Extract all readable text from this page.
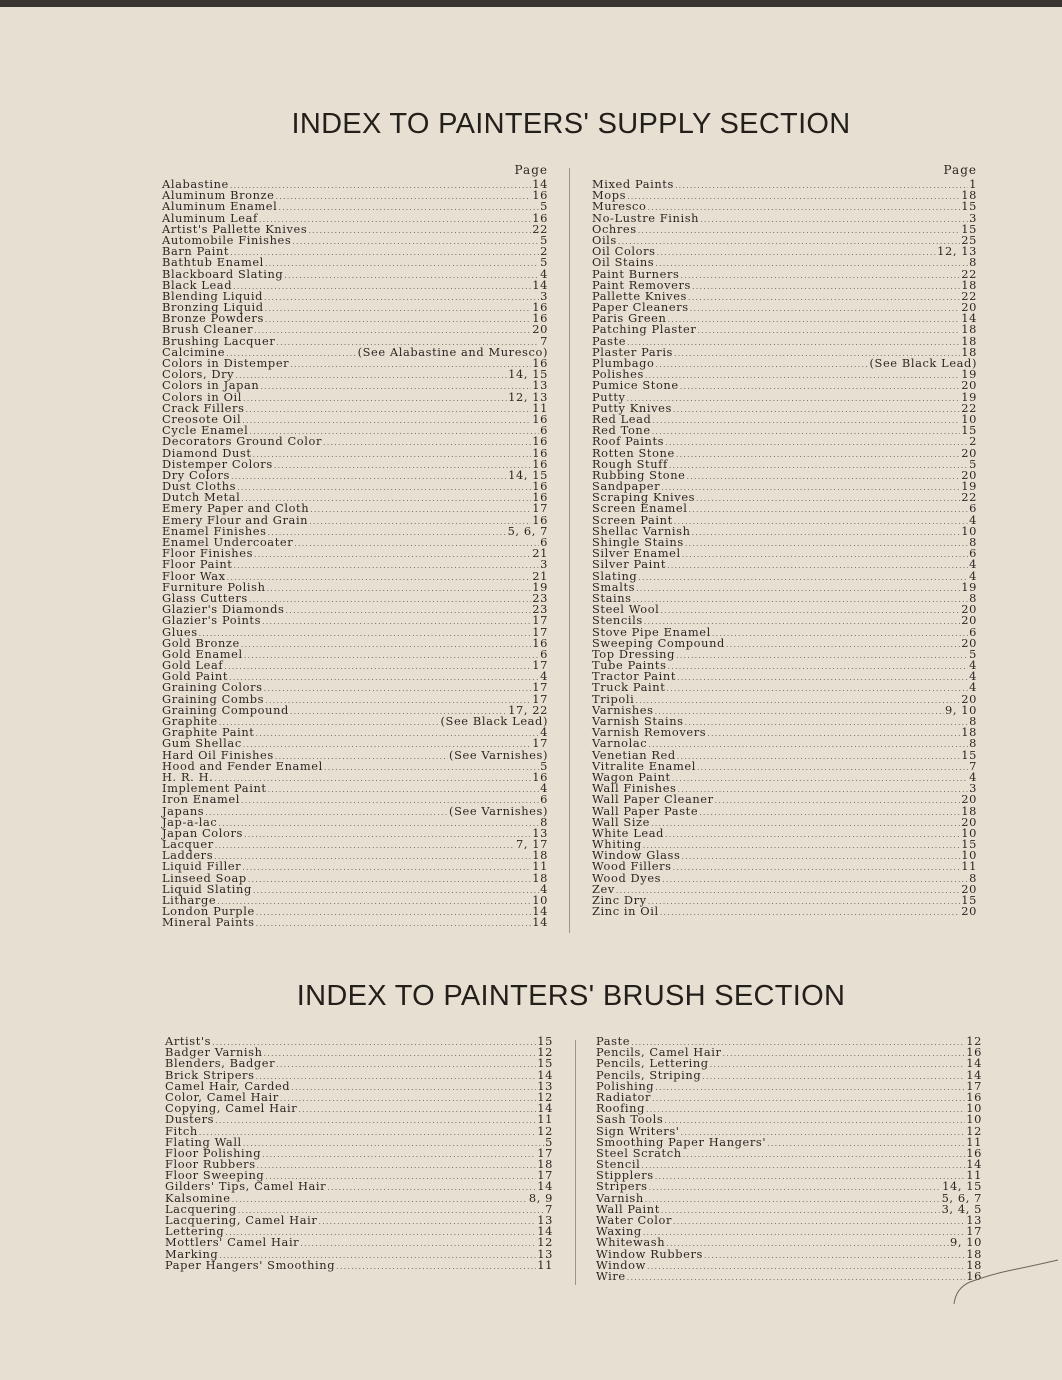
INDEX TO PAINTERS' SUPPLY SECTION
Page
Alabastine .....	14
Aluminum Bronze .....	16
Aluminum Enamel .....	5
Aluminum Leaf .....	16
Artist's Pallette Knives .....	22
Automobile Finishes .....	5
Barn Paint .....	2
Bathtub Enamel .....	5
Blackboard Slating .....	4
Black Lead .....	14
Blending Liquid .....	3
Bronzing Liquid .....	16
Bronze Powders .....	16
Brush Cleaner .....	20
Brushing Lacquer .....	7
Calcimine .....	(See Alabastine and Muresco)
Colors in Distemper .....	16
Colors, Dry .....	14, 15
Colors in Japan .....	13
Colors in Oil .....	12, 13
Crack Fillers .....	11
Creosote Oil .....	16
Cycle Enamel .....	6
Decorators Ground Color .....	16
Diamond Dust .....	16
Distemper Colors .....	16
Dry Colors .....	14, 15
Dust Cloths .....	16
Dutch Metal .....	16
Emery Paper and Cloth .....	17
Emery Flour and Grain .....	16
Enamel Finishes .....	5, 6, 7
Enamel Undercoater .....	6
Floor Finishes .....	21
Floor Paint .....	3
Floor Wax .....	21
Furniture Polish .....	19
Glass Cutters .....	23
Glazier's Diamonds .....	23
Glazier's Points .....	17
Glues .....	17
Gold Bronze .....	16
Gold Enamel .....	6
Gold Leaf .....	17
Gold Paint .....	4
Graining Colors .....	17
Graining Combs .....	17
Graining Compound .....	17, 22
Graphite .....	(See Black Lead)
Graphite Paint .....	4
Gum Shellac .....	17
Hard Oil Finishes .....	(See Varnishes)
Hood and Fender Enamel .....	5
H. R. H. .....	16
Implement Paint .....	4
Iron Enamel .....	6
Japans .....	(See Varnishes)
Jap-a-lac .....	8
Japan Colors .....	13
Lacquer .....	7, 17
Ladders .....	18
Liquid Filler .....	11
Linseed Soap .....	18
Liquid Slating .....	4
Litharge .....	10
London Purple .....	14
Mineral Paints .....	14
Page
Mixed Paints .....	1
Mops .....	18
Muresco .....	15
No-Lustre Finish .....	3
Ochres .....	15
Oils .....	25
Oil Colors .....	12, 13
Oil Stains .....	8
Paint Burners .....	22
Paint Removers .....	18
Pallette Knives .....	22
Paper Cleaners .....	20
Paris Green .....	14
Patching Plaster .....	18
Paste .....	18
Plaster Paris .....	18
Plumbago .....	(See Black Lead)
Polishes .....	19
Pumice Stone .....	20
Putty .....	19
Putty Knives .....	22
Red Lead .....	10
Red Tone .....	15
Roof Paints .....	2
Rotten Stone .....	20
Rough Stuff .....	5
Rubbing Stone .....	20
Sandpaper .....	19
Scraping Knives .....	22
Screen Enamel .....	6
Screen Paint .....	4
Shellac Varnish .....	10
Shingle Stains .....	8
Silver Enamel .....	6
Silver Paint .....	4
Slating .....	4
Smalts .....	19
Stains .....	8
Steel Wool .....	20
Stencils .....	20
Stove Pipe Enamel .....	6
Sweeping Compound .....	20
Top Dressing .....	5
Tube Paints .....	4
Tractor Paint .....	4
Truck Paint .....	4
Tripoli .....	20
Varnishes .....	9, 10
Varnish Stains .....	8
Varnish Removers .....	18
Varnolac .....	8
Venetian Red .....	15
Vitralite Enamel .....	7
Wagon Paint .....	4
Wall Finishes .....	3
Wall Paper Cleaner .....	20
Wall Paper Paste .....	18
Wall Size .....	20
White Lead .....	10
Whiting .....	15
Window Glass .....	10
Wood Fillers .....	11
Wood Dyes .....	8
Zev .....	20
Zinc Dry .....	15
Zinc in Oil .....	20
INDEX TO PAINTERS' BRUSH SECTION
Artist's .....	15
Badger Varnish .....	12
Blenders, Badger .....	15
Brick Stripers .....	14
Camel Hair, Carded .....	13
Color, Camel Hair .....	12
Copying, Camel Hair .....	14
Dusters .....	11
Fitch .....	12
Flating Wall .....	5
Floor Polishing .....	17
Floor Rubbers .....	18
Floor Sweeping .....	17
Gilders' Tips, Camel Hair .....	14
Kalsomine .....	8, 9
Lacquering .....	7
Lacquering, Camel Hair .....	13
Lettering .....	14
Mottlers' Camel Hair .....	12
Marking .....	13
Paper Hangers' Smoothing .....	11
Paste .....	12
Pencils, Camel Hair .....	16
Pencils, Lettering .....	14
Pencils, Striping .....	14
Polishing .....	17
Radiator .....	16
Roofing .....	10
Sash Tools .....	10
Sign Writers' .....	12
Smoothing Paper Hangers' .....	11
Steel Scratch .....	16
Stencil .....	14
Stipplers .....	11
Stripers .....	14, 15
Varnish .....	5, 6, 7
Wall Paint .....	3, 4, 5
Water Color .....	13
Waxing .....	17
Whitewash .....	9, 10
Window Rubbers .....	18
Window .....	18
Wire .....	16
